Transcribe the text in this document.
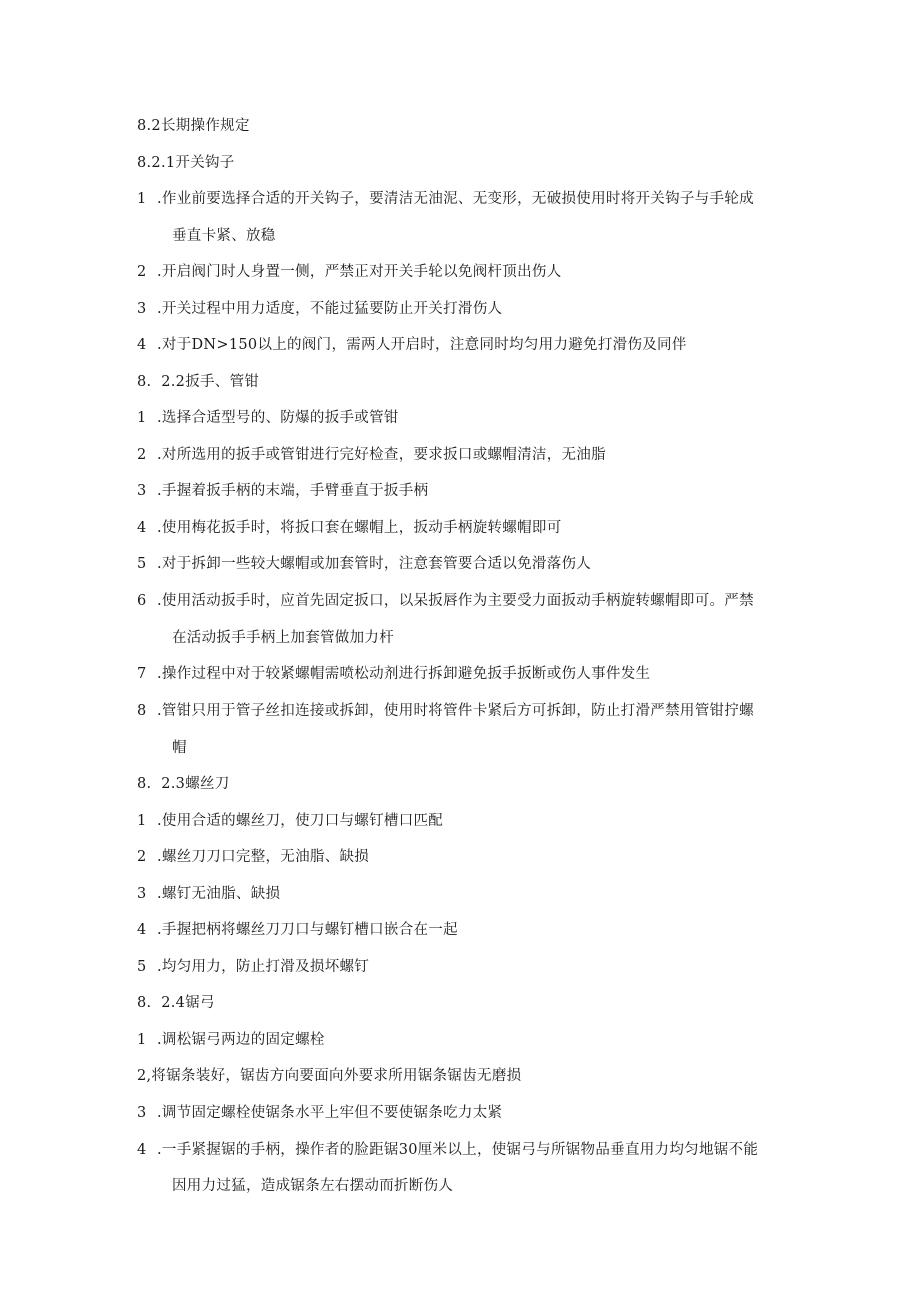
8.2长期操作规定
8.2.1开关钩子
1 .作业前要选择合适的开关钩子，要清洁无油泥、无变形，无破损使用时将开关钩子与手轮成
垂直卡紧、放稳
2 .开启阀门时人身置一侧，严禁正对开关手轮以免阀杆顶出伤人
3 .开关过程中用力适度，不能过猛要防止开关打滑伤人
4 .对于DN>150以上的阀门，需两人开启时，注意同时均匀用力避免打滑伤及同伴
8.  2.2扳手、管钳
1 .选择合适型号的、防爆的扳手或管钳
2 .对所选用的扳手或管钳进行完好检查，要求扳口或螺帽清洁，无油脂
3 .手握着扳手柄的末端，手臂垂直于扳手柄
4 .使用梅花扳手时，将扳口套在螺帽上，扳动手柄旋转螺帽即可
5 .对于拆卸一些较大螺帽或加套管时，注意套管要合适以免滑落伤人
6 .使用活动扳手时，应首先固定扳口，以呆扳唇作为主要受力面扳动手柄旋转螺帽即可。严禁
在活动扳手手柄上加套管做加力杆
7 .操作过程中对于较紧螺帽需喷松动剂进行拆卸避免扳手扳断或伤人事件发生
8 .管钳只用于管子丝扣连接或拆卸，使用时将管件卡紧后方可拆卸，防止打滑严禁用管钳拧螺
帽
8.  2.3螺丝刀
1 .使用合适的螺丝刀，使刀口与螺钉槽口匹配
2 .螺丝刀刀口完整，无油脂、缺损
3 .螺钉无油脂、缺损
4 .手握把柄将螺丝刀刀口与螺钉槽口嵌合在一起
5 .均匀用力，防止打滑及损坏螺钉
8.  2.4锯弓
1 .调松锯弓两边的固定螺栓
2,将锯条装好，锯齿方向要面向外要求所用锯条锯齿无磨损
3 .调节固定螺栓使锯条水平上牢但不要使锯条吃力太紧
4 .一手紧握锯的手柄，操作者的脸距锯30厘米以上，使锯弓与所锯物品垂直用力均匀地锯不能
因用力过猛，造成锯条左右摆动而折断伤人
